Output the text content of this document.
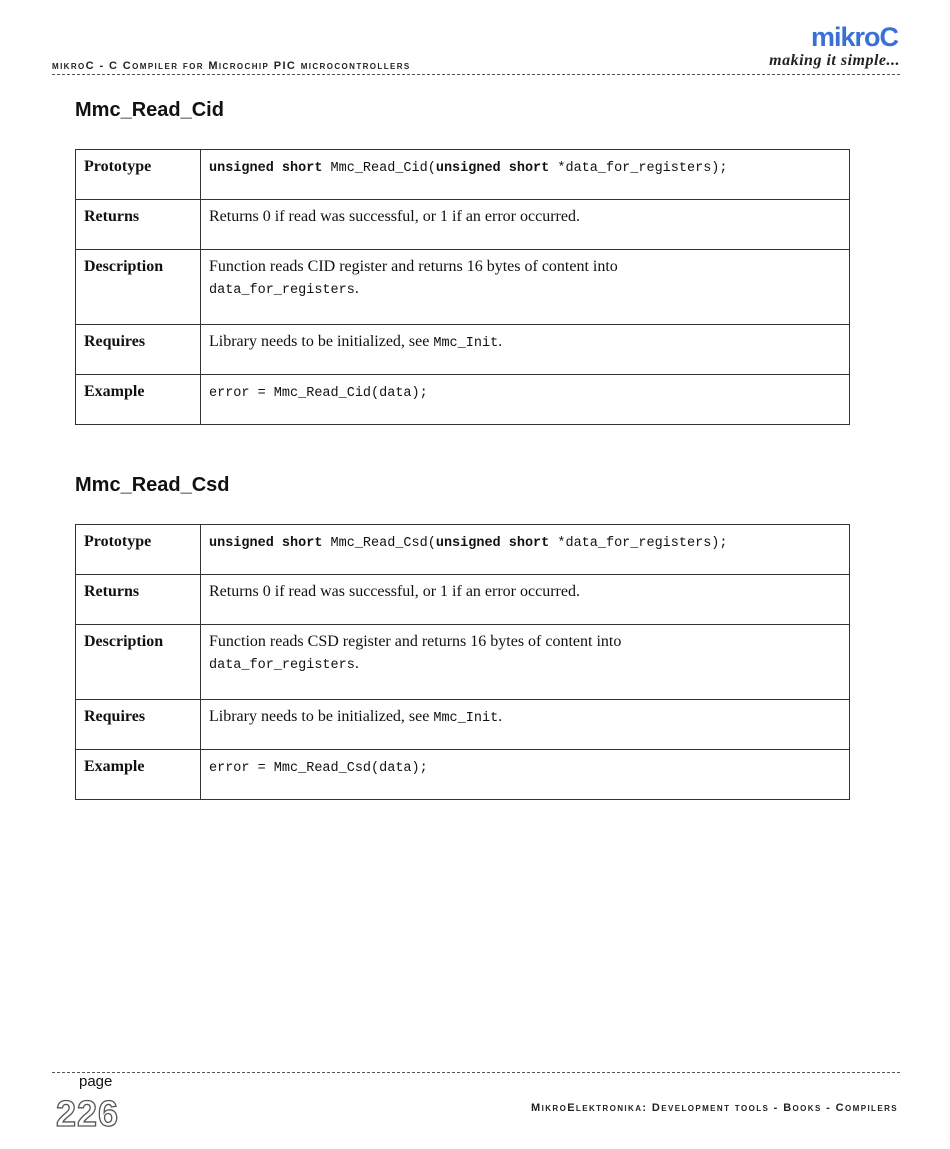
mikroC - C Compiler for Microchip PIC microcontrollers
mikroC
making it simple...
Mmc_Read_Cid
Prototype	unsigned short Mmc_Read_Cid(unsigned short *data_for_registers);
Returns	Returns 0 if read was successful, or 1 if an error occurred.
Description	Function reads CID register and returns 16 bytes of content into
data_for_registers.
Requires	Library needs to be initialized, see Mmc_Init.
Example	error = Mmc_Read_Cid(data);
Mmc_Read_Csd
Prototype	unsigned short Mmc_Read_Csd(unsigned short *data_for_registers);
Returns	Returns 0 if read was successful, or 1 if an error occurred.
Description	Function reads CSD register and returns 16 bytes of content into
data_for_registers.
Requires	Library needs to be initialized, see Mmc_Init.
Example	error = Mmc_Read_Csd(data);
page
226	MikroElektronika: Development tools - Books - Compilers
